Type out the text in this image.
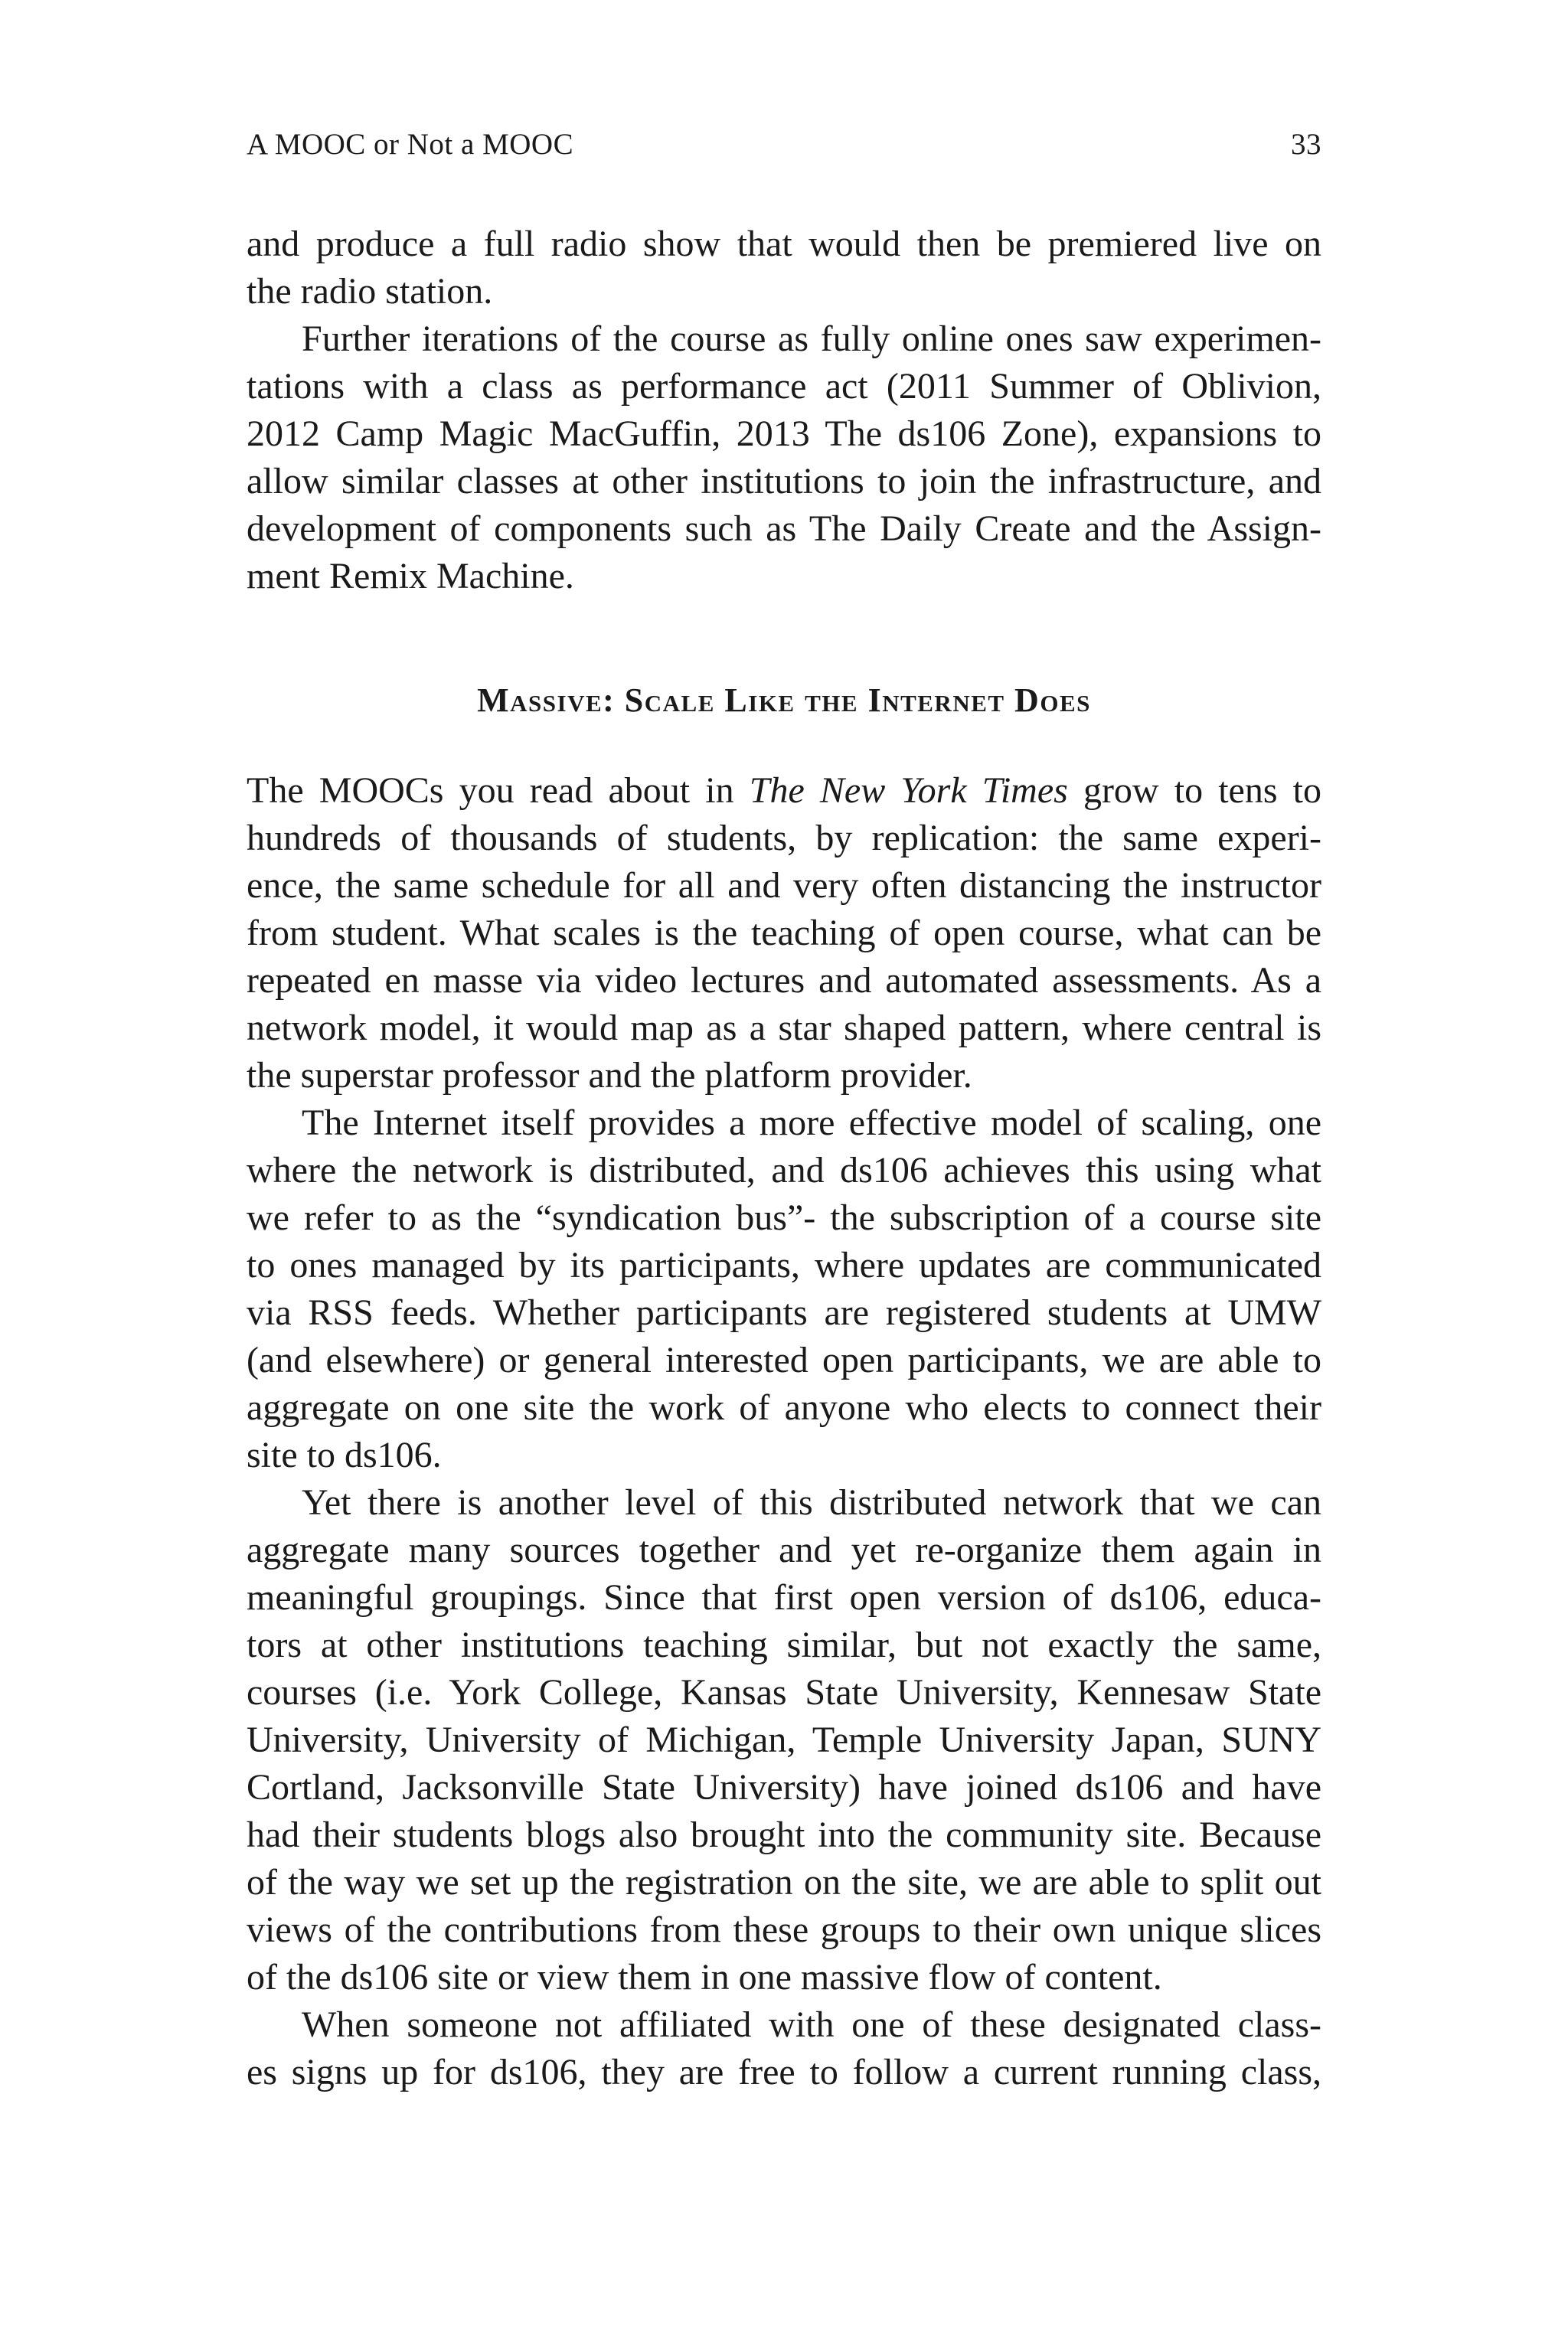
A MOOC or Not a MOOC	33
and produce a full radio show that would then be premiered live on
the radio station.
Further iterations of the course as fully online ones saw experimen-
tations with a class as performance act (2011 Summer of Oblivion,
2012 Camp Magic MacGuffin, 2013 The ds106 Zone), expansions to
allow similar classes at other institutions to join the infrastructure, and
development of components such as The Daily Create and the Assign-
ment Remix Machine.
Massive: Scale Like the Internet Does
The MOOCs you read about in The New York Times grow to tens to
hundreds of thousands of students, by replication: the same experi-
ence, the same schedule for all and very often distancing the instructor
from student. What scales is the teaching of open course, what can be
repeated en masse via video lectures and automated assessments. As a
network model, it would map as a star shaped pattern, where central is
the superstar professor and the platform provider.
The Internet itself provides a more effective model of scaling, one
where the network is distributed, and ds106 achieves this using what
we refer to as the “syndication bus”- the subscription of a course site
to ones managed by its participants, where updates are communicated
via RSS feeds. Whether participants are registered students at UMW
(and elsewhere) or general interested open participants, we are able to
aggregate on one site the work of anyone who elects to connect their
site to ds106.
Yet there is another level of this distributed network that we can
aggregate many sources together and yet re-organize them again in
meaningful groupings. Since that first open version of ds106, educa-
tors at other institutions teaching similar, but not exactly the same,
courses (i.e. York College, Kansas State University, Kennesaw State
University, University of Michigan, Temple University Japan, SUNY
Cortland, Jacksonville State University) have joined ds106 and have
had their students blogs also brought into the community site. Because
of the way we set up the registration on the site, we are able to split out
views of the contributions from these groups to their own unique slices
of the ds106 site or view them in one massive flow of content.
When someone not affiliated with one of these designated class-
es signs up for ds106, they are free to follow a current running class,
